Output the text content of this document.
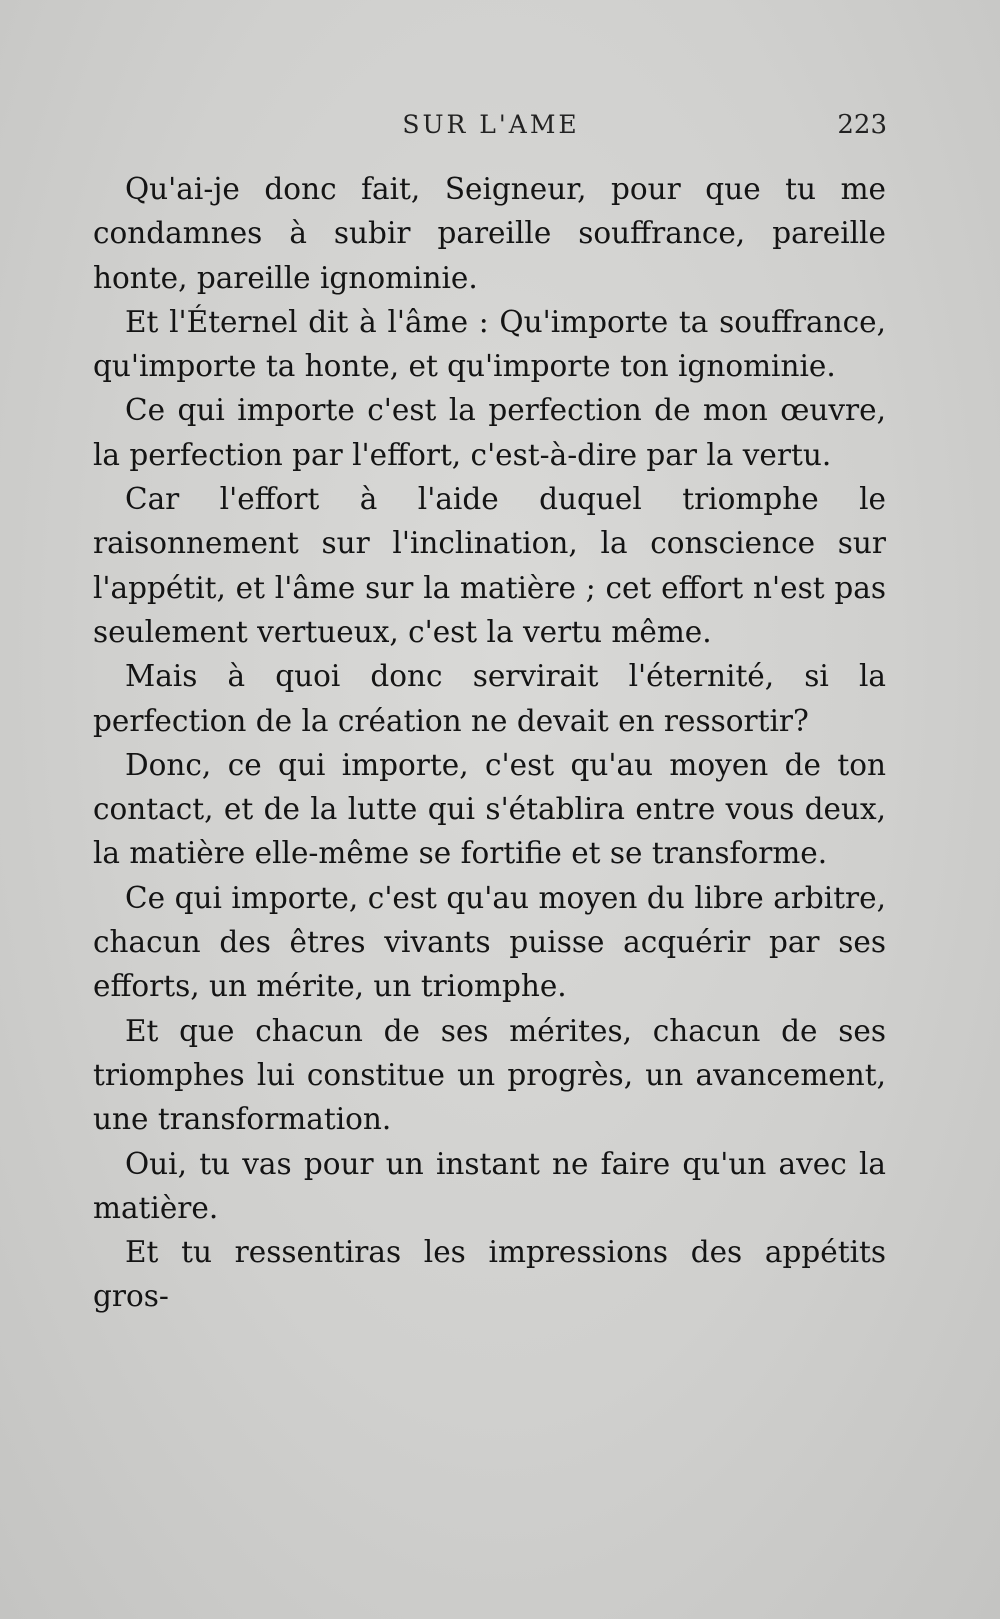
SUR L'AME	223

Qu'ai-je donc fait, Seigneur, pour que tu me condamnes à subir pareille souffrance, pareille honte, pareille ignominie.

Et l'Éternel dit à l'âme : Qu'importe ta souffrance, qu'importe ta honte, et qu'importe ton ignominie.

Ce qui importe c'est la perfection de mon œuvre, la perfection par l'effort, c'est-à-dire par la vertu.

Car l'effort à l'aide duquel triomphe le raisonnement sur l'inclination, la conscience sur l'appétit, et l'âme sur la matière ; cet effort n'est pas seulement vertueux, c'est la vertu même.

Mais à quoi donc servirait l'éternité, si la perfection de la création ne devait en ressortir?

Donc, ce qui importe, c'est qu'au moyen de ton contact, et de la lutte qui s'établira entre vous deux, la matière elle-même se fortifie et se transforme.

Ce qui importe, c'est qu'au moyen du libre arbitre, chacun des êtres vivants puisse acquérir par ses efforts, un mérite, un triomphe.

Et que chacun de ses mérites, chacun de ses triomphes lui constitue un progrès, un avancement, une transformation.

Oui, tu vas pour un instant ne faire qu'un avec la matière.

Et tu ressentiras les impressions des appétits gros-
